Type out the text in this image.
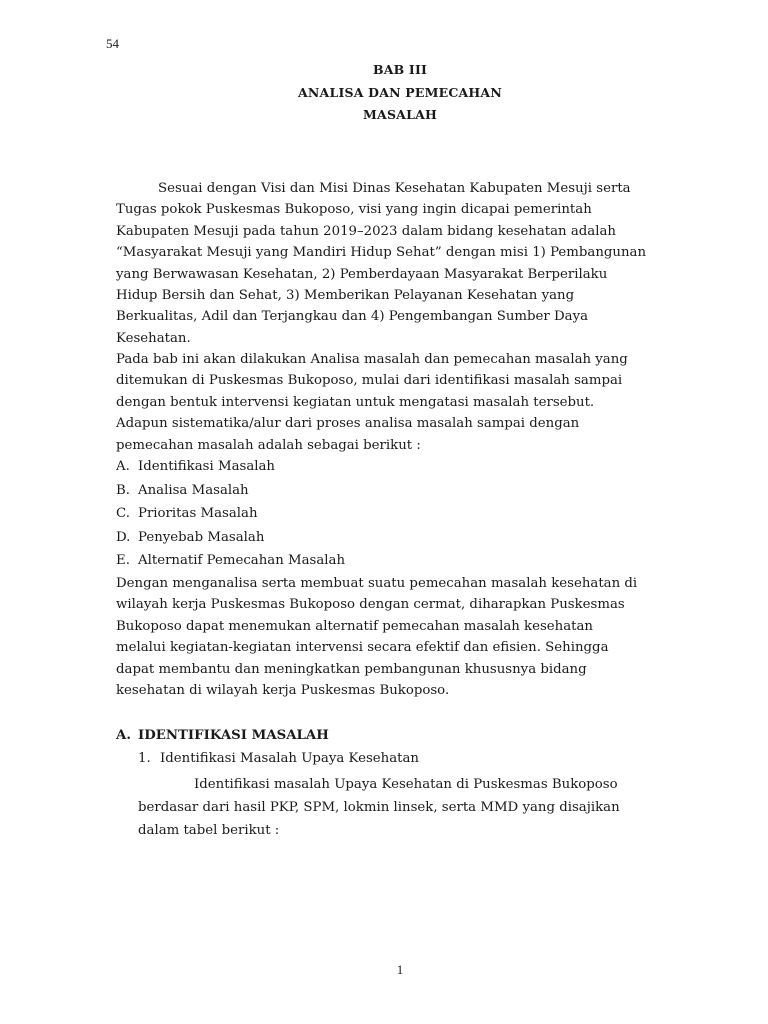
54
BAB III
ANALISA DAN PEMECAHAN
MASALAH
Sesuai dengan Visi dan Misi Dinas Kesehatan Kabupaten Mesuji serta
Tugas pokok Puskesmas Bukoposo, visi yang ingin dicapai pemerintah
Kabupaten Mesuji pada tahun 2019–2023 dalam bidang kesehatan adalah
“Masyarakat Mesuji yang Mandiri Hidup Sehat” dengan misi 1) Pembangunan
yang Berwawasan Kesehatan, 2) Pemberdayaan Masyarakat Berperilaku
Hidup Bersih dan Sehat, 3) Memberikan Pelayanan Kesehatan yang
Berkualitas, Adil dan Terjangkau dan 4) Pengembangan Sumber Daya
Kesehatan.
Pada bab ini akan dilakukan Analisa masalah dan pemecahan masalah yang
ditemukan di Puskesmas Bukoposo, mulai dari identifikasi masalah sampai
dengan bentuk intervensi kegiatan untuk mengatasi masalah tersebut.
Adapun sistematika/alur dari proses analisa masalah sampai dengan
pemecahan masalah adalah sebagai berikut :
A. Identifikasi Masalah
B. Analisa Masalah
C. Prioritas Masalah
D. Penyebab Masalah
E. Alternatif Pemecahan Masalah
Dengan menganalisa serta membuat suatu pemecahan masalah kesehatan di
wilayah kerja Puskesmas Bukoposo dengan cermat, diharapkan Puskesmas
Bukoposo dapat menemukan alternatif pemecahan masalah kesehatan
melalui kegiatan-kegiatan intervensi secara efektif dan efisien. Sehingga
dapat membantu dan meningkatkan pembangunan khususnya bidang
kesehatan di wilayah kerja Puskesmas Bukoposo.
A. IDENTIFIKASI MASALAH
1. Identifikasi Masalah Upaya Kesehatan
Identifikasi masalah Upaya Kesehatan di Puskesmas Bukoposo
berdasar dari hasil PKP, SPM, lokmin linsek, serta MMD yang disajikan
dalam tabel berikut :
1
